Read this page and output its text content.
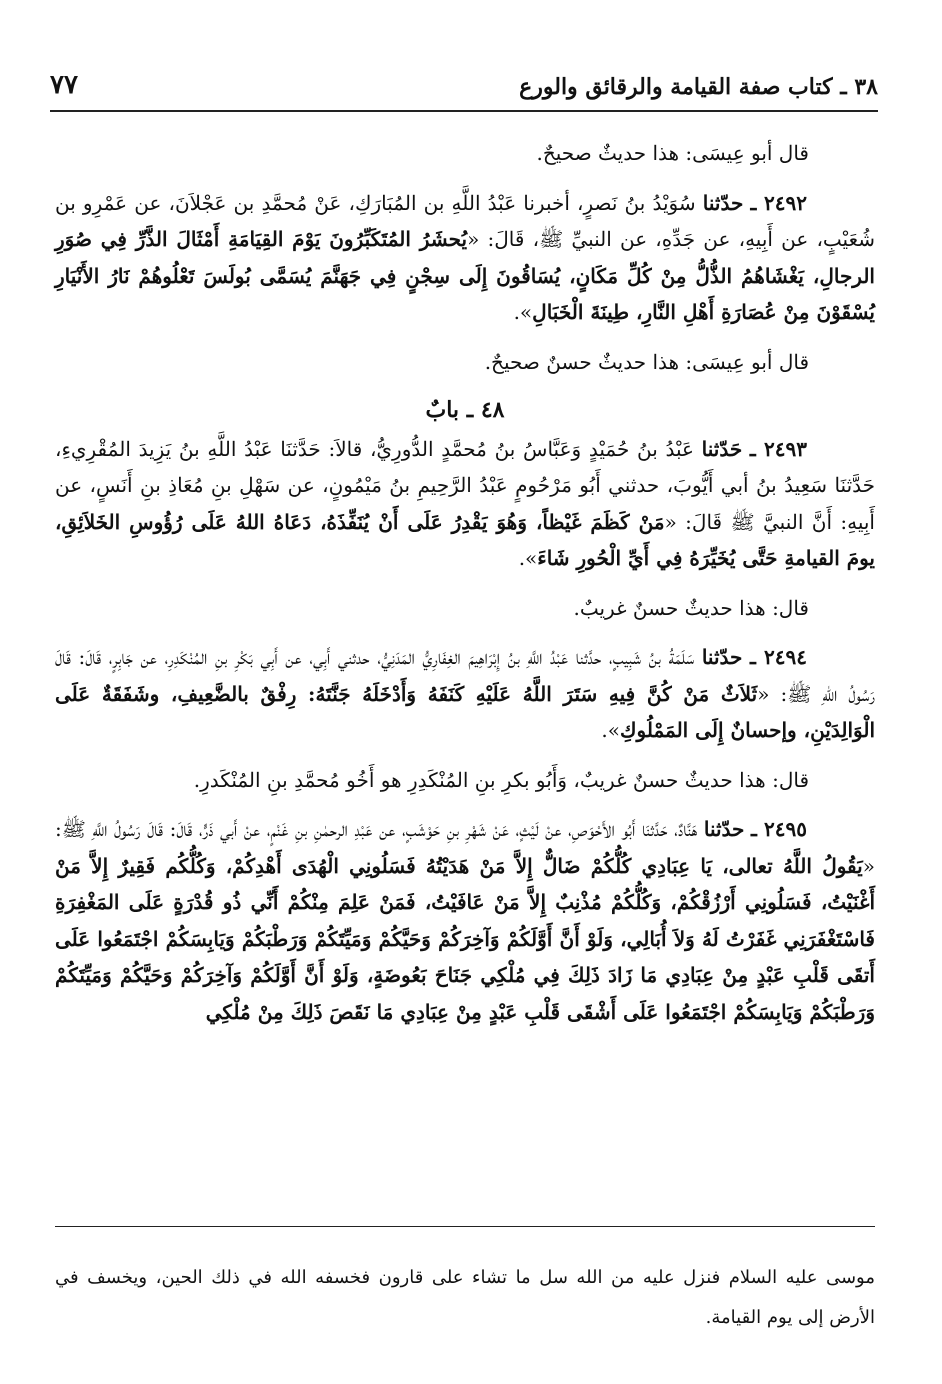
٧٧	٣٨ ـ كتاب صفة القيامة والرقائق والورع

قال أبو عِيسَى: هذا حديثٌ صحيحٌ.

٢٤٩٢ ـ حدّثنا سُوَيْدُ بنُ نَصرٍ، أخبرنا عَبْدُ اللَّهِ بن المُبَارَكِ، عَنْ مُحمَّدِ بن عَجْلاَنَ، عن عَمْرِو بن شُعَيْبٍ، عن أَبِيهِ، عن جَدِّهِ، عن النبيِّ ﷺ، قَالَ: «يُحشَرُ المُتَكَبِّرُونَ يَوْمَ القِيَامَةِ أَمْثَالَ الذَّرِّ فِي صُوَرِ الرجالِ، يَغْشَاهُمُ الذُّلُّ مِنْ كُلِّ مَكَانٍ، يُسَاقُونَ إِلَى سِجْنٍ فِي جَهَنَّمَ يُسَمَّى بُولَسَ تَعْلُوهُمْ نَارُ الأَنْيَارِ يُسْقَوْنَ مِنْ عُصَارَةِ أَهْلِ النَّارِ، طِينَةَ الْخَبَالِ».

قال أبو عِيسَى: هذا حديثٌ حسنٌ صحيحٌ.

٤٨ ـ بابٌ

٢٤٩٣ ـ حَدّثنا عَبْدُ بنُ حُمَيْدٍ وَعَبَّاسُ بنُ مُحمَّدٍ الدُّورِيُّ، قالاَ: حَدَّثنَا عَبْدُ اللَّهِ بنُ يَزِيدَ المُقْرِيءِ، حَدَّثنَا سَعِيدُ بنُ أبي أَيُّوبَ، حدثني أَبُو مَرْحُومٍ عَبْدُ الرَّحِيمِ بنُ مَيْمُونٍ، عن سَهْلِ بنِ مُعَاذِ بنِ أَنَسٍ، عن أَبِيهِ: أَنَّ النبيَّ ﷺ قَالَ: «مَنْ كَظَمَ غَيْظاً، وَهُوَ يَقْدِرُ عَلَى أَنْ يُنَفِّذَهُ، دَعَاهُ اللهُ عَلَى رُؤُوسِ الخَلاَئِقِ، يومَ القيامةِ حَتَّى يُخَيِّرَهُ فِي أَيِّ الْحُورِ شَاءَ».

قال: هذا حديثٌ حسنٌ غريبٌ.

٢٤٩٤ ـ حدّثنا سَلَمَةُ بنُ شَبِيبٍ، حدَّثنا عَبْدُ اللَّهِ بنُ إِبْرَاهِيمَ الغِفَارِيُّ المَدَنِيُّ، حدثني أَبِي، عن أَبِي بَكْرِ بنِ المُنْكَدِرِ، عن جَابِرٍ، قَالَ: قَالَ رَسُولُ اللهِ ﷺ: «ثَلاَثٌ مَنْ كُنَّ فِيهِ سَتَرَ اللَّهُ عَلَيْهِ كَنَفَهُ وَأَدْخَلَهُ جَنَّتَهُ: رِفْقٌ بالضَّعِيفِ، وشَفَقَةٌ عَلَى الْوَالِدَيْنِ، وإحسانٌ إِلَى المَمْلُوكِ».

قال: هذا حديثٌ حسنٌ غريبٌ، وَأَبُو بكرِ بنِ المُنْكَدِرِ هو أَخُو مُحمَّدِ بنِ المُنْكَدرِ.

٢٤٩٥ ـ حدّثنا هَنَّادٌ، حَدَّثنَا أَبُو الأَحْوَصِ، عنْ لَيْثٍ، عَنْ شَهْرِ بنِ حَوْشَبٍ، عن عَبْدِ الرحمٰنِ بنِ غَنْمٍ، عنْ أَبي ذَرٍّ، قَالَ: قَالَ رَسُولُ اللَّهِ ﷺ: «يَقُولُ اللَّهُ تعالى، يَا عِبَادِي كُلُّكُمْ ضَالٌّ إِلاَّ مَنْ هَدَيْتُهُ فَسَلُونِي الْهُدَى أَهْدِكُمْ، وَكُلُّكُم فَقِيرٌ إِلاَّ مَنْ أَغْنَيْتُ، فَسَلُونِي أَرْزُقْكُمْ، وَكُلُّكُمْ مُذْنِبٌ إِلاَّ مَنْ عَافَيْتُ، فَمَنْ عَلِمَ مِنْكُمْ أَنِّي ذُو قُدْرَةٍ عَلَى المَغْفِرَةِ فَاسْتَغْفَرَنِي غَفَرْتُ لَهُ وَلاَ أُبَالِي، وَلَوْ أَنَّ أَوَّلَكُمْ وَآخِرَكُمْ وَحَيَّكُمْ وَمَيِّتَكُمْ وَرَطْبَكُمْ وَيَابِسَكُمْ اجْتَمَعُوا عَلَى أَتقَى قَلْبِ عَبْدٍ مِنْ عِبَادِي مَا زَادَ ذَلِكَ فِي مُلْكِي جَنَاحَ بَعُوضَةٍ، وَلَوْ أَنَّ أَوَّلَكُمْ وَآخِرَكُمْ وَحَيَّكُمْ وَمَيِّتَكُمْ وَرَطْبَكُمْ وَيَابِسَكُمْ اجْتَمَعُوا عَلَى أَشْقَى قَلْبِ عَبْدٍ مِنْ عِبَادِي مَا نَقَصَ ذَلِكَ مِنْ مُلْكِي

موسى عليه السلام فنزل عليه من الله سل ما تشاء على قارون فخسفه الله في ذلك الحين، ويخسف في الأرض إلى يوم القيامة.
